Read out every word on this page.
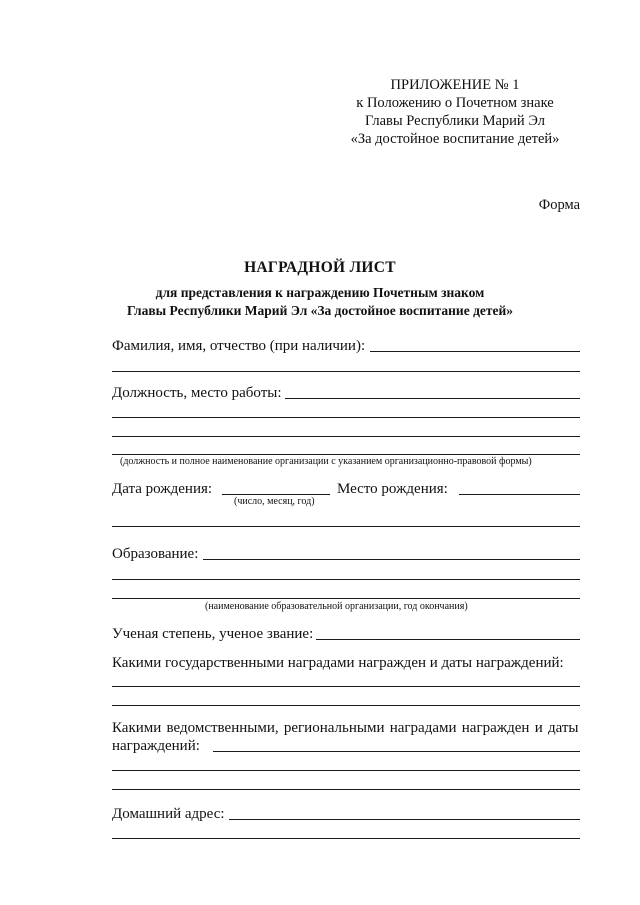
ПРИЛОЖЕНИЕ № 1
к Положению о Почетном знаке
Главы Республики Марий Эл
«За достойное воспитание детей»
Форма
НАГРАДНОЙ ЛИСТ
для представления к награждению Почетным знаком
Главы Республики Марий Эл «За достойное воспитание детей»
Фамилия, имя, отчество (при наличии):
Должность, место работы:
(должность и полное наименование организации с указанием организационно-правовой формы)
Дата рождения:
(число, месяц, год)
Место рождения:
Образование:
(наименование образовательной организации, год окончания)
Ученая степень, ученое звание:
Какими государственными наградами награжден и даты награждений:
Какими ведомственными, региональными наградами награжден и даты
награждений:
Домашний адрес:
